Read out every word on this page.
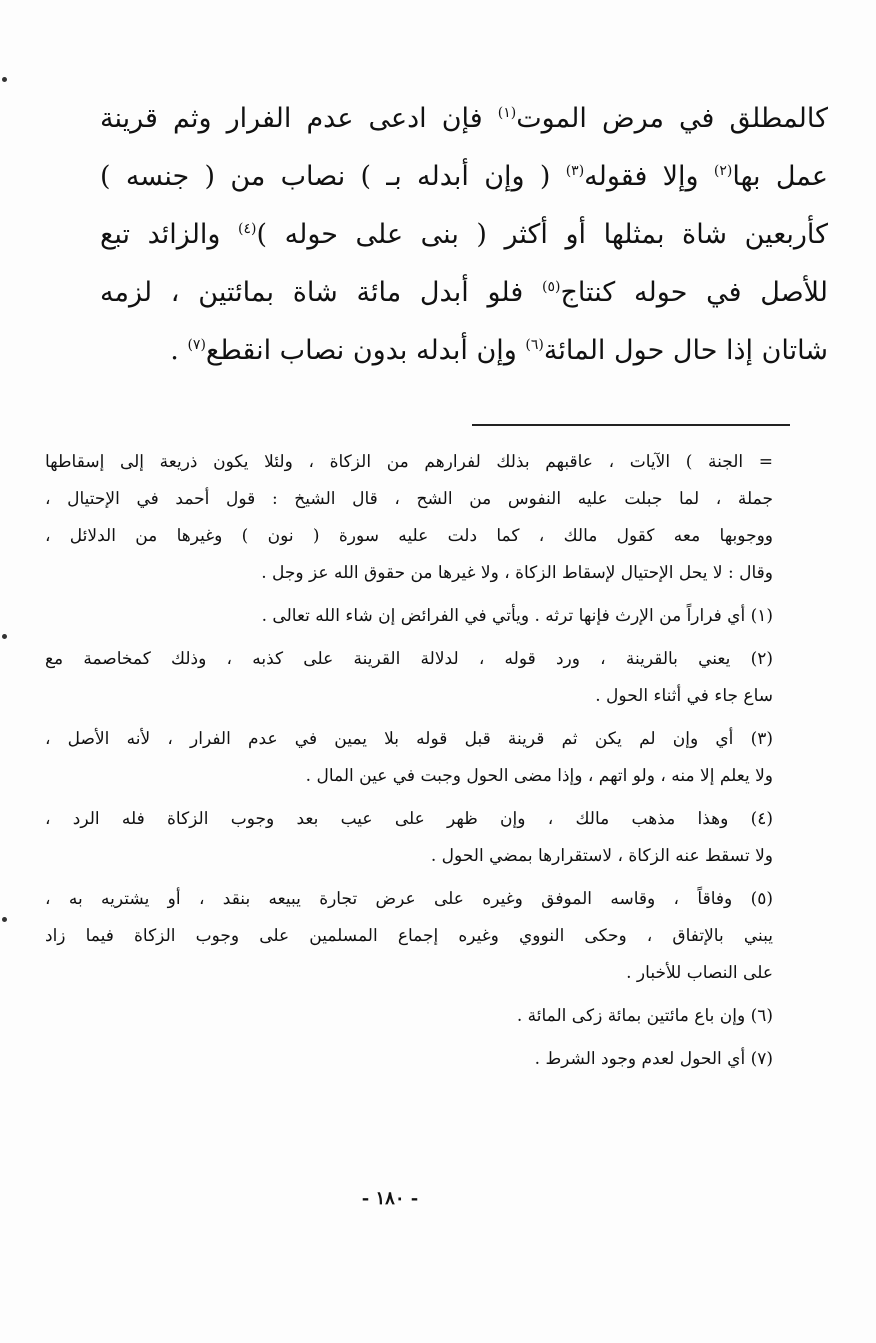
كالمطلق في مرض الموت$^{(١)}$ فإن ادعى عدم الفرار وثم قرينة
عمل بها$^{(٢)}$ وإلا فقوله$^{(٣)}$ ( وإن أبدله بـ ) نصاب من ( جنسه )
كأربعين شاة بمثلها أو أكثر ( بنى على حوله )$^{(٤)}$ والزائد تبع
للأصل في حوله كنتاج$^{(٥)}$ فلو أبدل مائة شاة بمائتين ، لزمه
شاتان إذا حال حول المائة$^{(٦)}$ وإن أبدله بدون نصاب انقطع$^{(٧)}$ .
= الجنة ) الآيات ، عاقبهم بذلك لفرارهم من الزكاة ، ولئلا يكون ذريعة إلى إسقاطها
جملة ، لما جبلت عليه النفوس من الشح ، قال الشيخ : قول أحمد في الإحتيال ،
ووجوبها معه كقول مالك ، كما دلت عليه سورة ( نون ) وغيرها من الدلائل ،
وقال : لا يحل الإحتيال لإسقاط الزكاة ، ولا غيرها من حقوق الله عز وجل .
(١) أي فراراً من الإرث فإنها ترثه . ويأتي في الفرائض إن شاء الله تعالى .
(٢) يعني بالقرينة ، ورد قوله ، لدلالة القرينة على كذبه ، وذلك كمخاصمة مع
ساع جاء في أثناء الحول .
(٣) أي وإن لم يكن ثم قرينة قبل قوله بلا يمين في عدم الفرار ، لأنه الأصل ،
ولا يعلم إلا منه ، ولو اتهم ، وإذا مضى الحول وجبت في عين المال .
(٤) وهذا مذهب مالك ، وإن ظهر على عيب بعد وجوب الزكاة فله الرد ،
ولا تسقط عنه الزكاة ، لاستقرارها بمضي الحول .
(٥) وفاقاً ، وقاسه الموفق وغيره على عرض تجارة يبيعه بنقد ، أو يشتريه به ،
يبني بالإتفاق ، وحكى النووي وغيره إجماع المسلمين على وجوب الزكاة فيما زاد
على النصاب للأخبار .
(٦) وإن باع مائتين بمائة زكى المائة .
(٧) أي الحول لعدم وجود الشرط .
- ١٨٠ -
